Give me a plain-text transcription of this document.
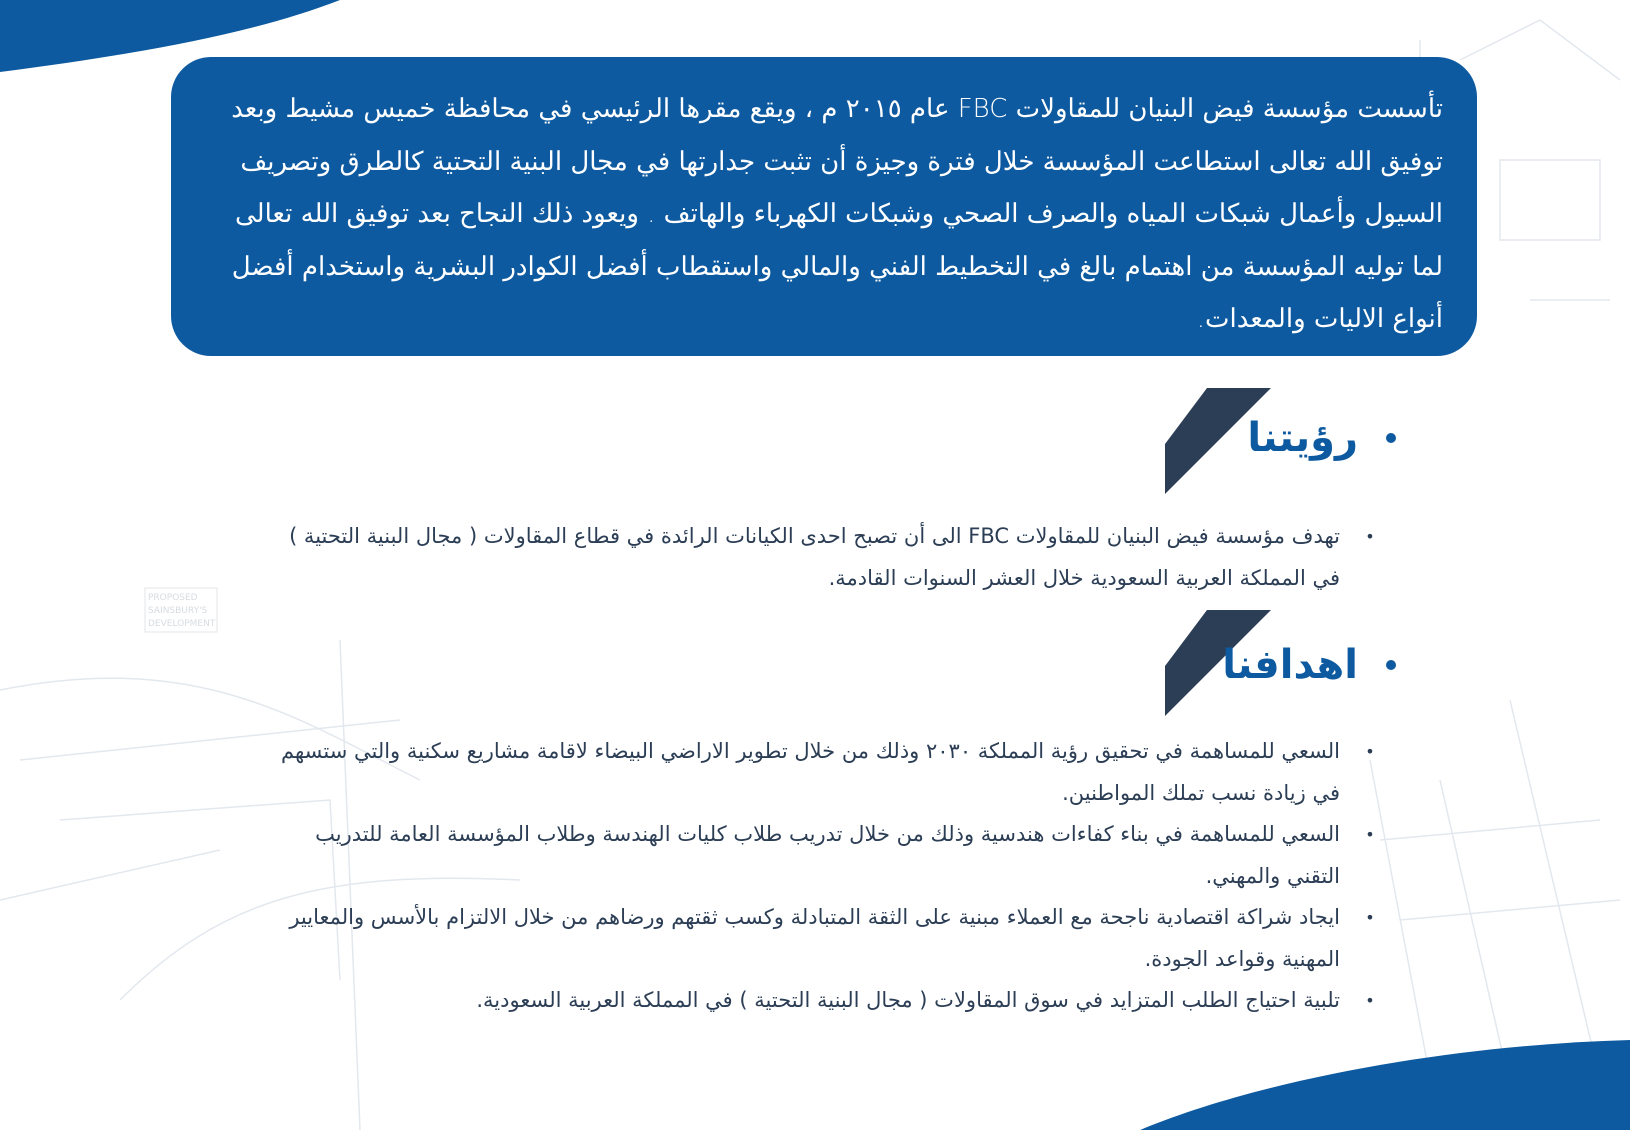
PROPOSED
SAINSBURY'S
DEVELOPMENT

تأسست مؤسسة فيض البنيان للمقاولات FBC عام ٢٠١٥ م ، ويقع مقرها الرئيسي في محافظة خميس مشيط وبعد توفيق الله تعالى استطاعت المؤسسة خلال فترة وجيزة أن تثبت جدارتها في مجال البنية التحتية كالطرق وتصريف السيول وأعمال شبكات المياه والصرف الصحي وشبكات الكهرباء والهاتف . ويعود ذلك النجاح بعد توفيق الله تعالى لما توليه المؤسسة من اهتمام بالغ في التخطيط الفني والمالي واستقطاب أفضل الكوادر البشرية واستخدام أفضل أنواع الاليات والمعدات.

رؤيتنا
•
تهدف مؤسسة فيض البنيان للمقاولات FBC الى أن تصبح احدى الكيانات الرائدة في قطاع المقاولات ( مجال البنية التحتية ) في المملكة العربية السعودية خلال العشر السنوات القادمة.
اهدافنا
•
السعي للمساهمة في تحقيق رؤية المملكة ٢٠٣٠ وذلك من خلال تطوير الاراضي البيضاء لاقامة مشاريع سكنية والتي ستسهم في زيادة نسب تملك المواطنين.
•
السعي للمساهمة في بناء كفاءات هندسية وذلك من خلال تدريب طلاب كليات الهندسة وطلاب المؤسسة العامة للتدريب التقني والمهني.
•
ايجاد شراكة اقتصادية ناجحة مع العملاء مبنية على الثقة المتبادلة وكسب ثقتهم ورضاهم من خلال الالتزام بالأسس والمعايير المهنية وقواعد الجودة.
•
تلبية احتياج الطلب المتزايد في سوق المقاولات ( مجال البنية التحتية ) في المملكة العربية السعودية.
